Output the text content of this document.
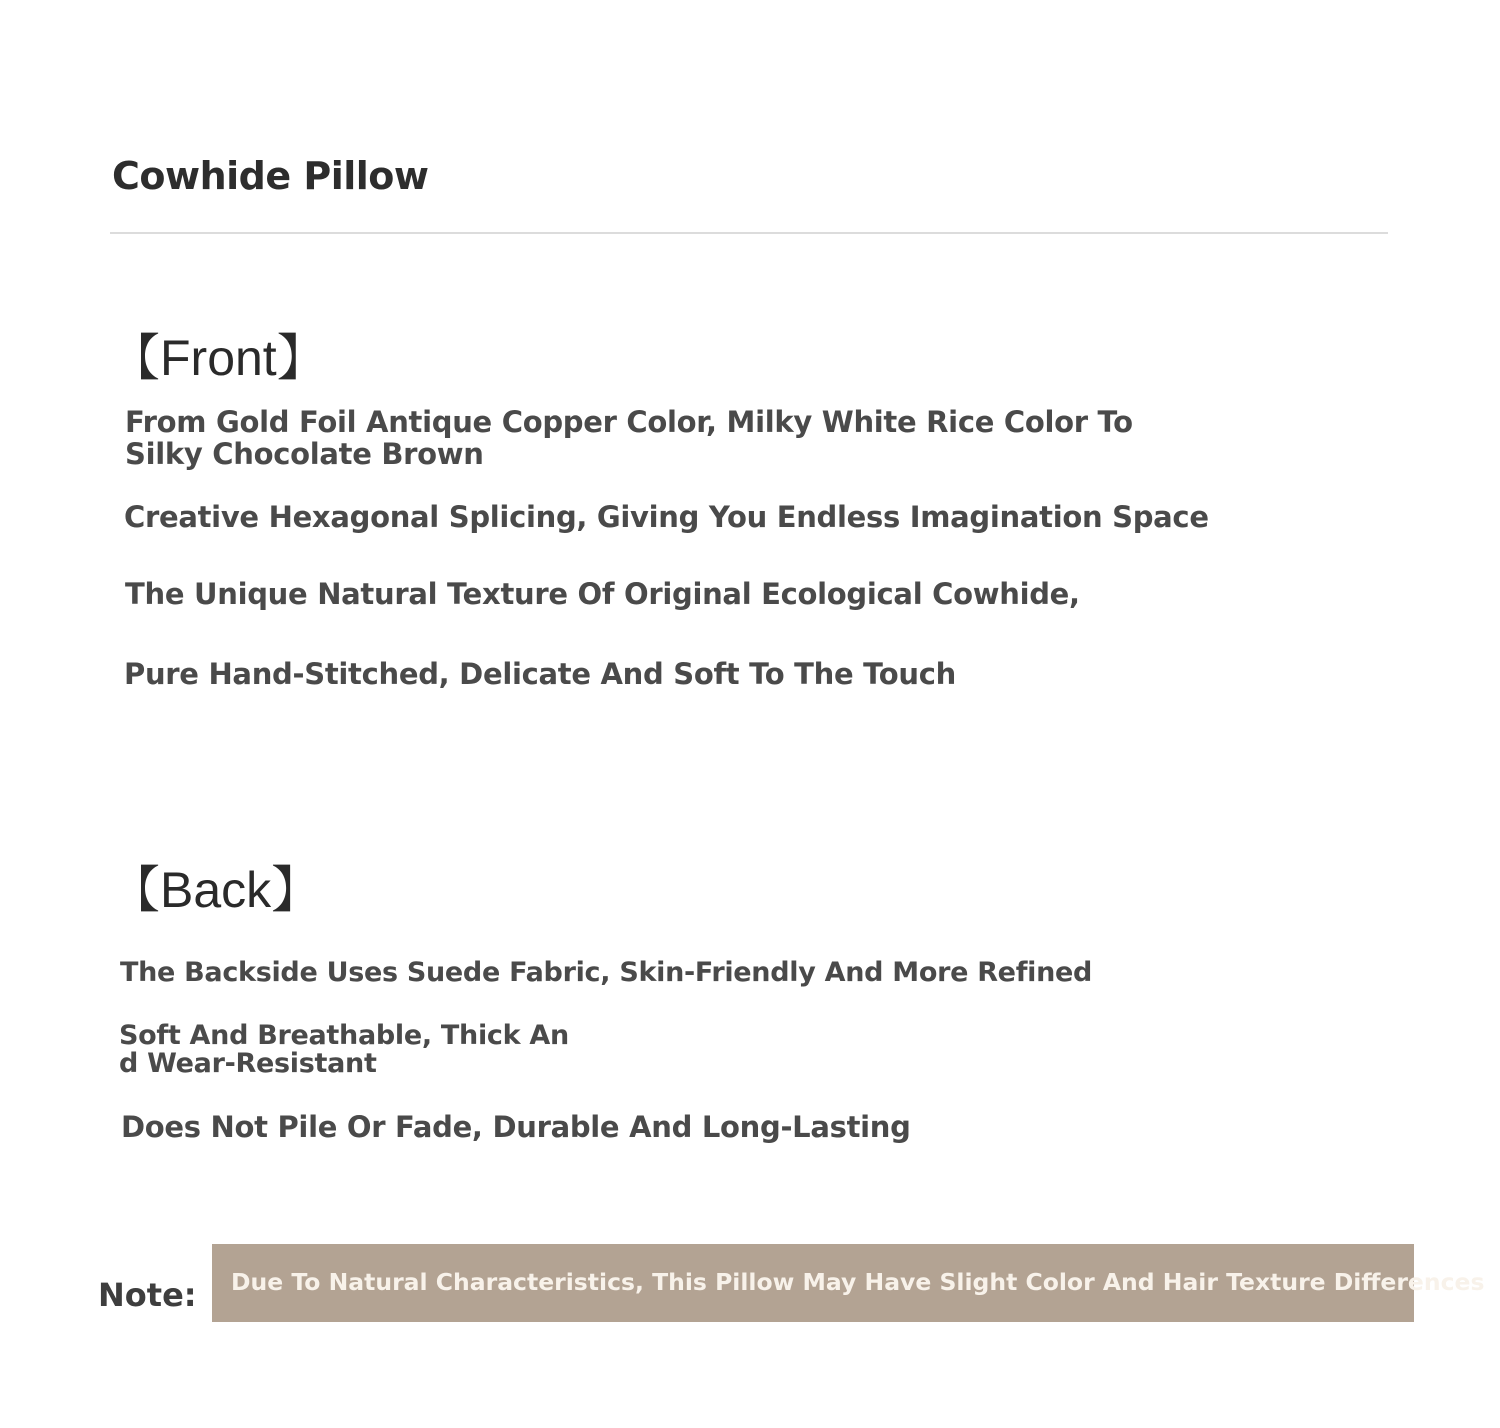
Cowhide Pillow
【Front】

From Gold Foil Antique Copper Color, Milky White Rice Color To Silky Chocolate Brown

Creative Hexagonal Splicing, Giving You Endless Imagination Space

The Unique Natural Texture Of Original Ecological Cowhide,

Pure Hand-Stitched, Delicate And Soft To The Touch

【Back】

The Backside Uses Suede Fabric, Skin-Friendly And More Refined

Soft And Breathable, Thick And Wear-Resistant

Does Not Pile Or Fade, Durable And Long-Lasting

Note: Due To Natural Characteristics, This Pillow May Have Slight Color And Hair Texture Differences
